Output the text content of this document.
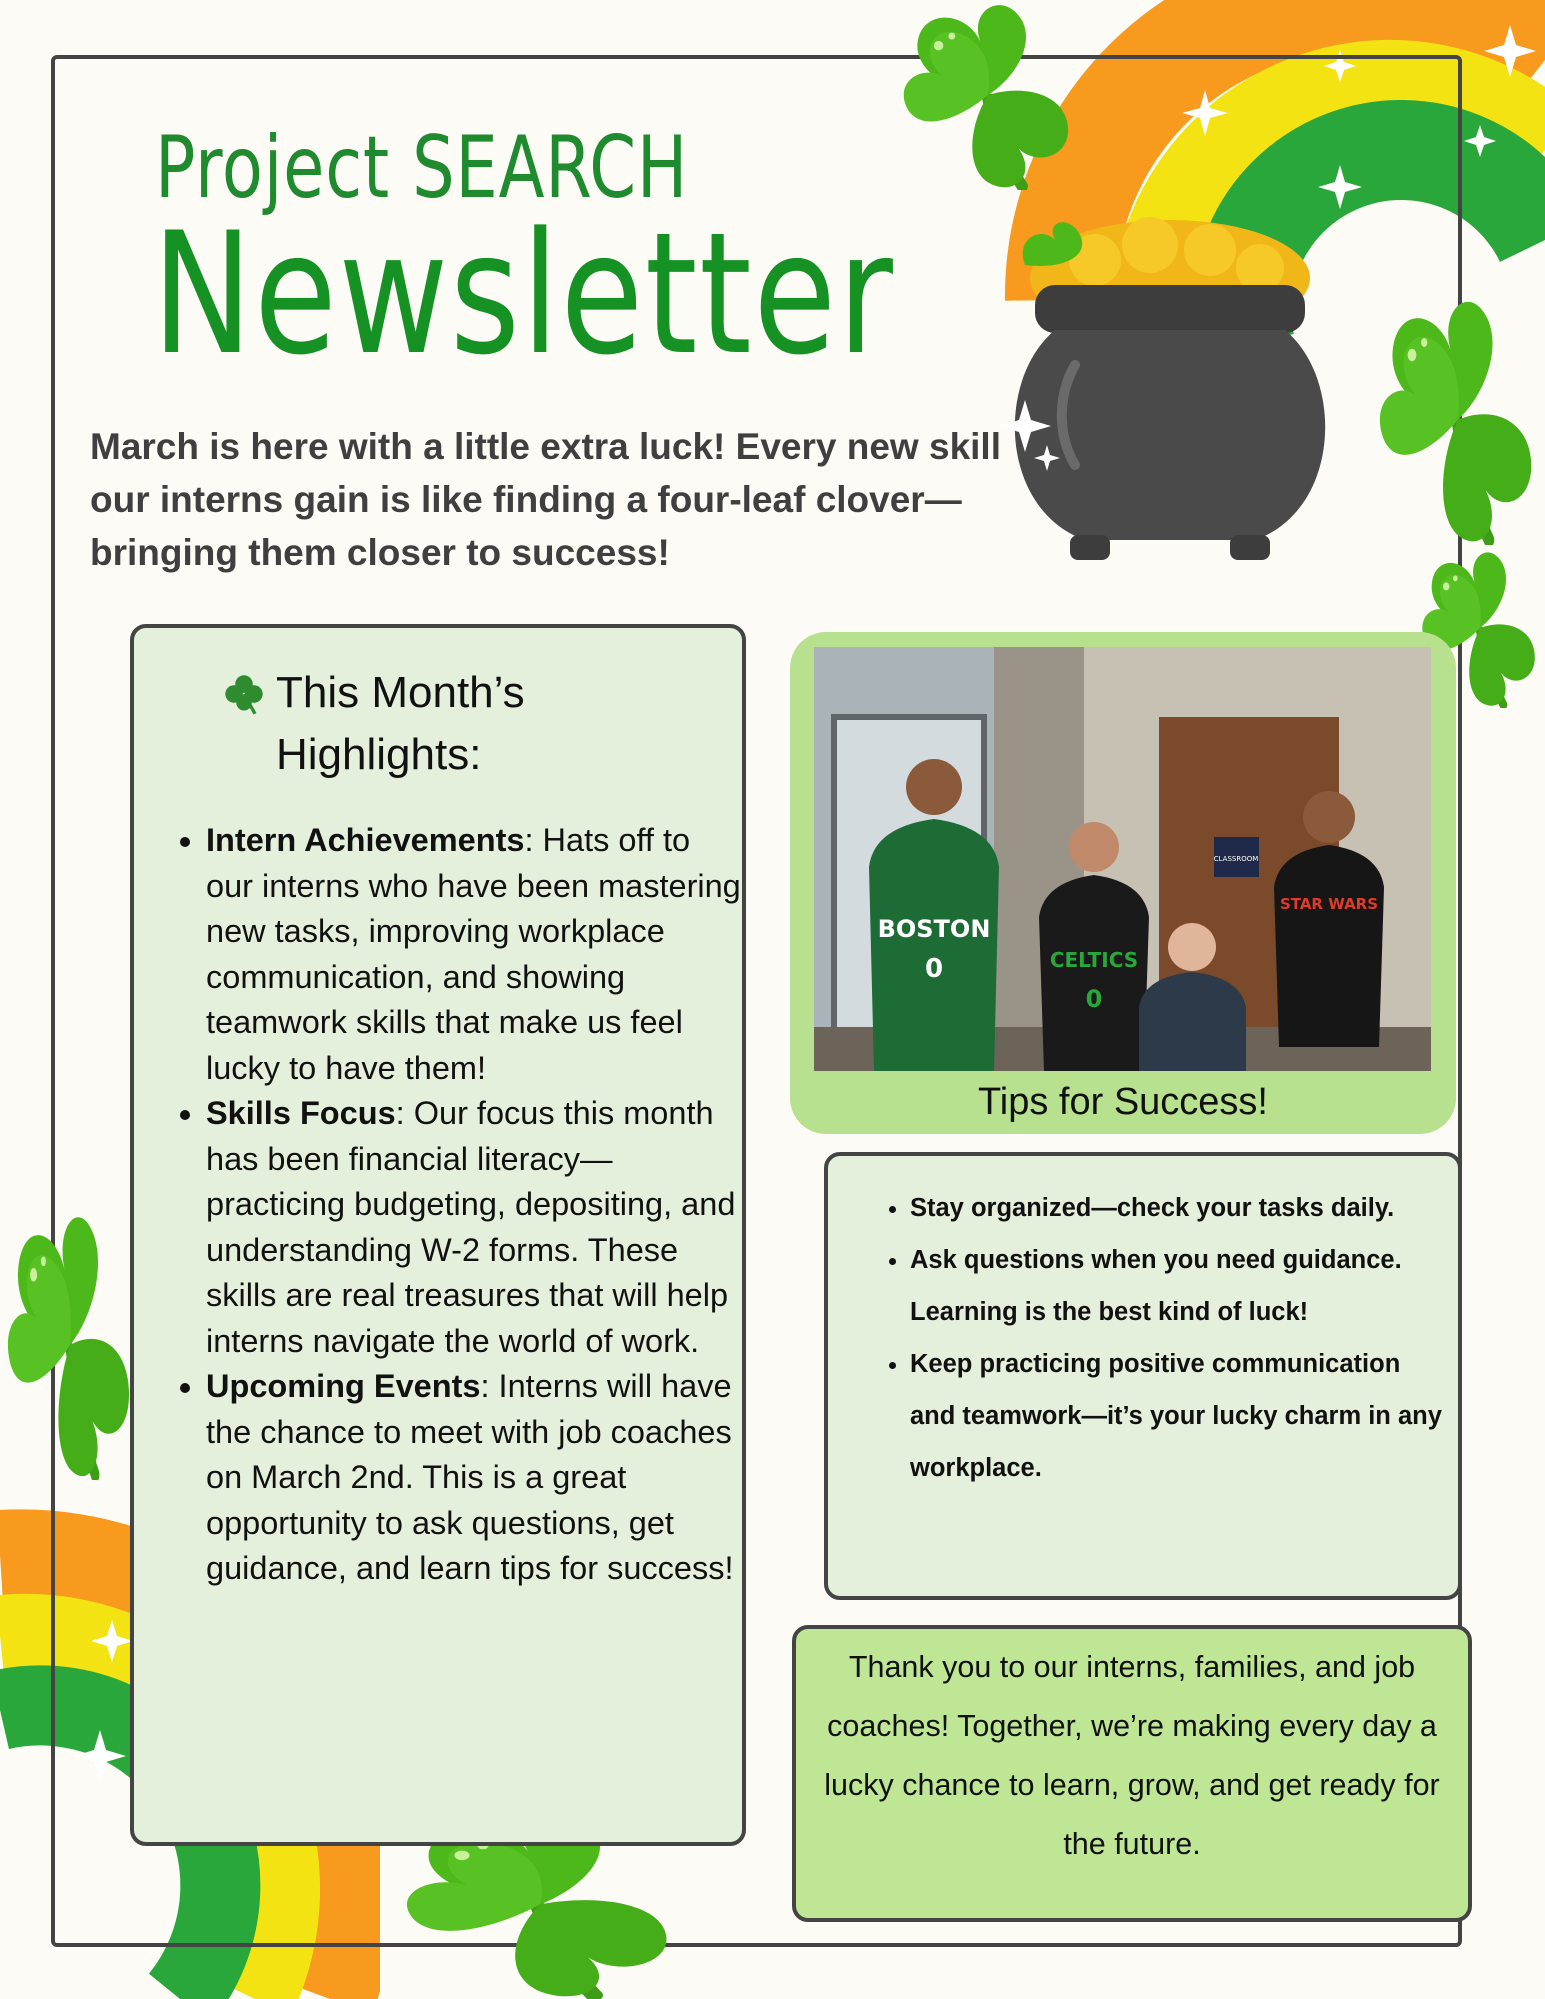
Project SEARCH
Newsletter

March is here with a little extra luck! Every new skill our interns gain is like finding a four-leaf clover—bringing them closer to success!

This Month’s
Highlights:
• Intern Achievements: Hats off to our interns who have been mastering new tasks, improving workplace communication, and showing teamwork skills that make us feel lucky to have them!
• Skills Focus: Our focus this month has been financial literacy—practicing budgeting, depositing, and understanding W-2 forms. These skills are real treasures that will help interns navigate the world of work.
• Upcoming Events: Interns will have the chance to meet with job coaches on March 2nd. This is a great opportunity to ask questions, get guidance, and learn tips for success!
CLASSROOM
BOSTON
0	CELTICS
0
STAR WARS
Tips for Success!
• Stay organized—check your tasks daily.
• Ask questions when you need guidance. Learning is the best kind of luck!
• Keep practicing positive communication and teamwork—it’s your lucky charm in any workplace.
Thank you to our interns, families, and job coaches! Together, we’re making every day a lucky chance to learn, grow, and get ready for the future.
